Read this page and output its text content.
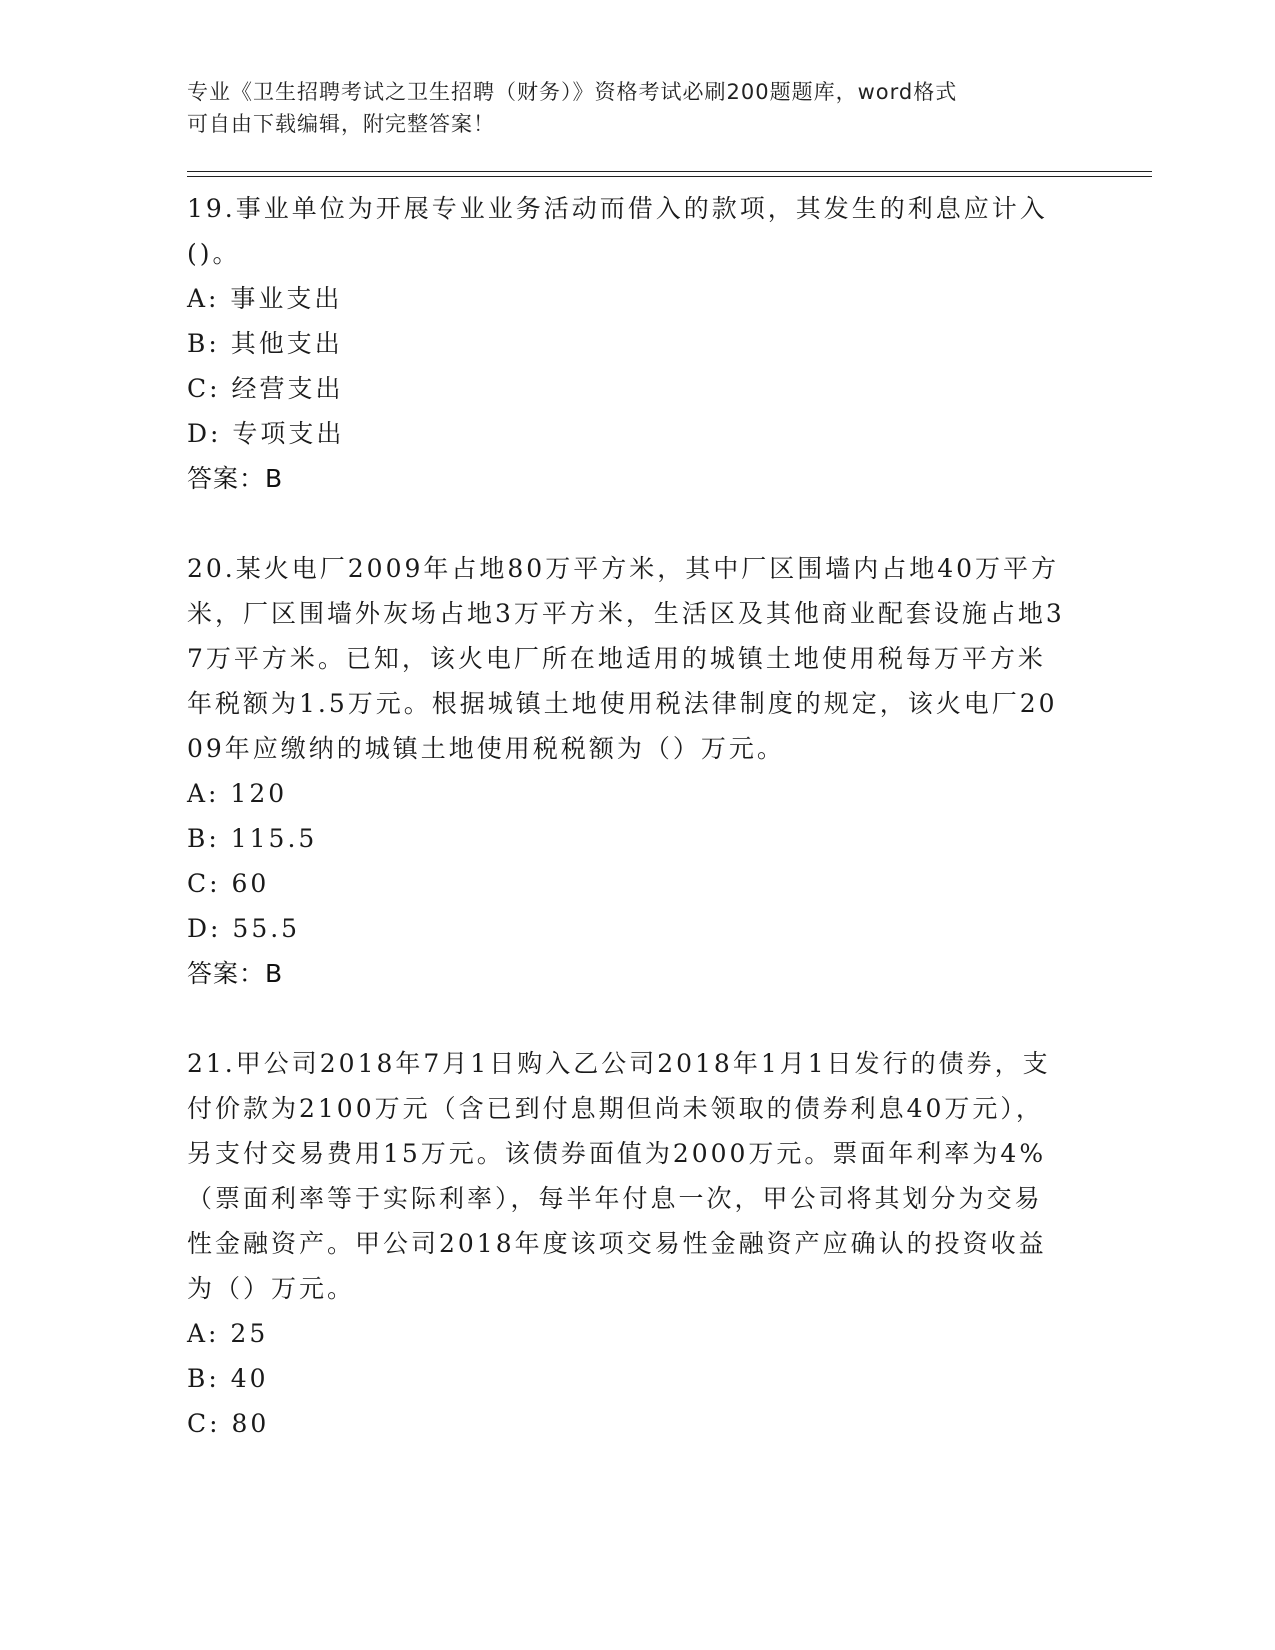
专业《卫生招聘考试之卫生招聘（财务）》资格考试必刷200题题库，word格式
可自由下载编辑，附完整答案！
19.事业单位为开展专业业务活动而借入的款项，其发生的利息应计入()。
A: 事业支出
B: 其他支出
C: 经营支出
D: 专项支出
答案：B
20.某火电厂2009年占地80万平方米，其中厂区围墙内占地40万平方米，厂区围墙外灰场占地3万平方米，生活区及其他商业配套设施占地37万平方米。已知，该火电厂所在地适用的城镇土地使用税每万平方米年税额为1.5万元。根据城镇土地使用税法律制度的规定，该火电厂2009年应缴纳的城镇土地使用税税额为（）万元。
A: 120
B: 115.5
C: 60
D: 55.5
答案：B
21.甲公司2018年7月1日购入乙公司2018年1月1日发行的债券，支付价款为2100万元（含已到付息期但尚未领取的债券利息40万元），另支付交易费用15万元。该债券面值为2000万元。票面年利率为4%（票面利率等于实际利率），每半年付息一次，甲公司将其划分为交易性金融资产。甲公司2018年度该项交易性金融资产应确认的投资收益为（）万元。
A: 25
B: 40
C: 80
